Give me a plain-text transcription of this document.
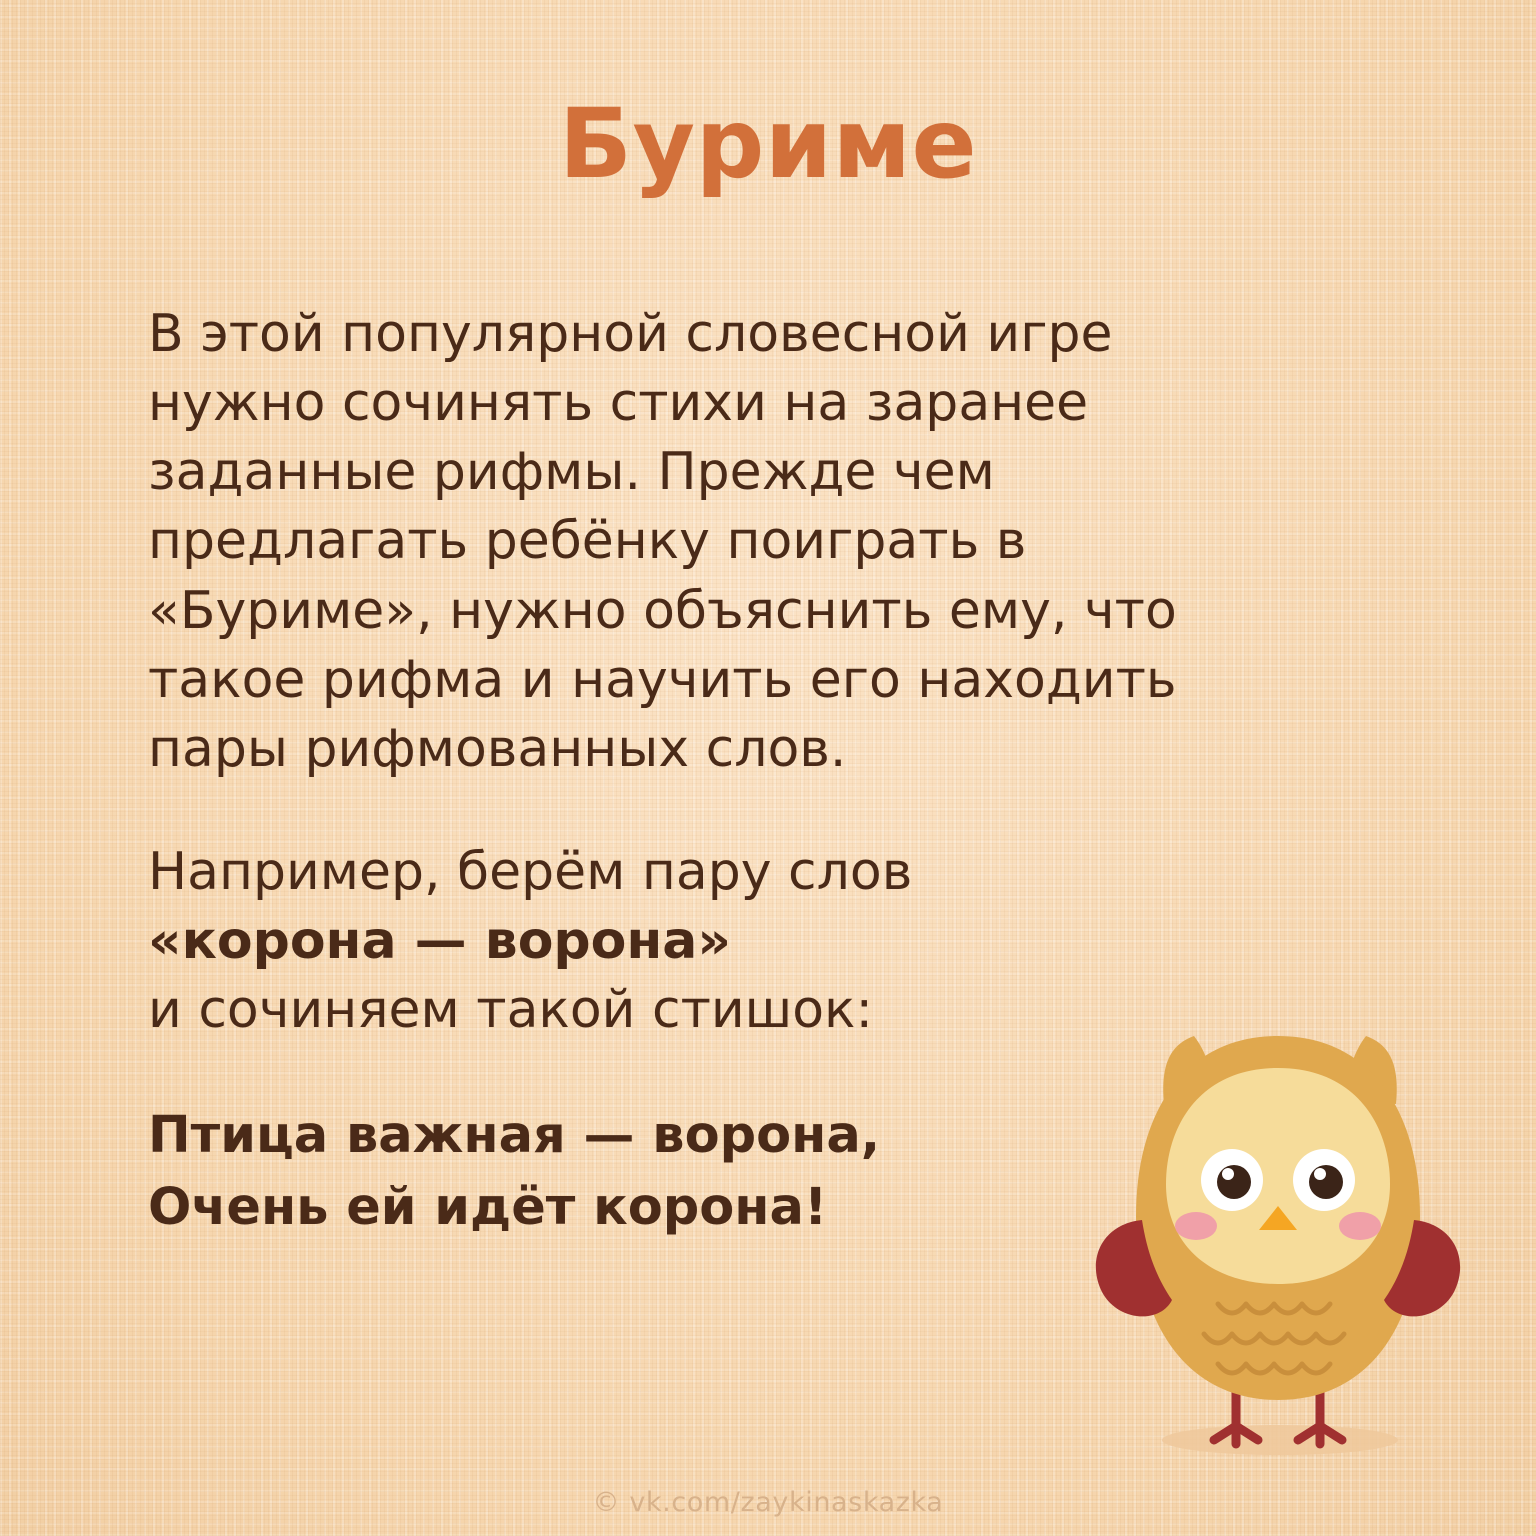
Буриме

В этой популярной словесной игре нужно сочинять стихи на заранее заданные рифмы. Прежде чем предлагать ребёнку поиграть в «Буриме», нужно объяснить ему, что такое рифма и научить его находить пары рифмованных слов.

Например, берём пару слов

«корона — ворона»
и сочиняем такой стишок:
Птица важная — ворона,
Очень ей идёт корона!
© vk.com/zaykinaskazka
